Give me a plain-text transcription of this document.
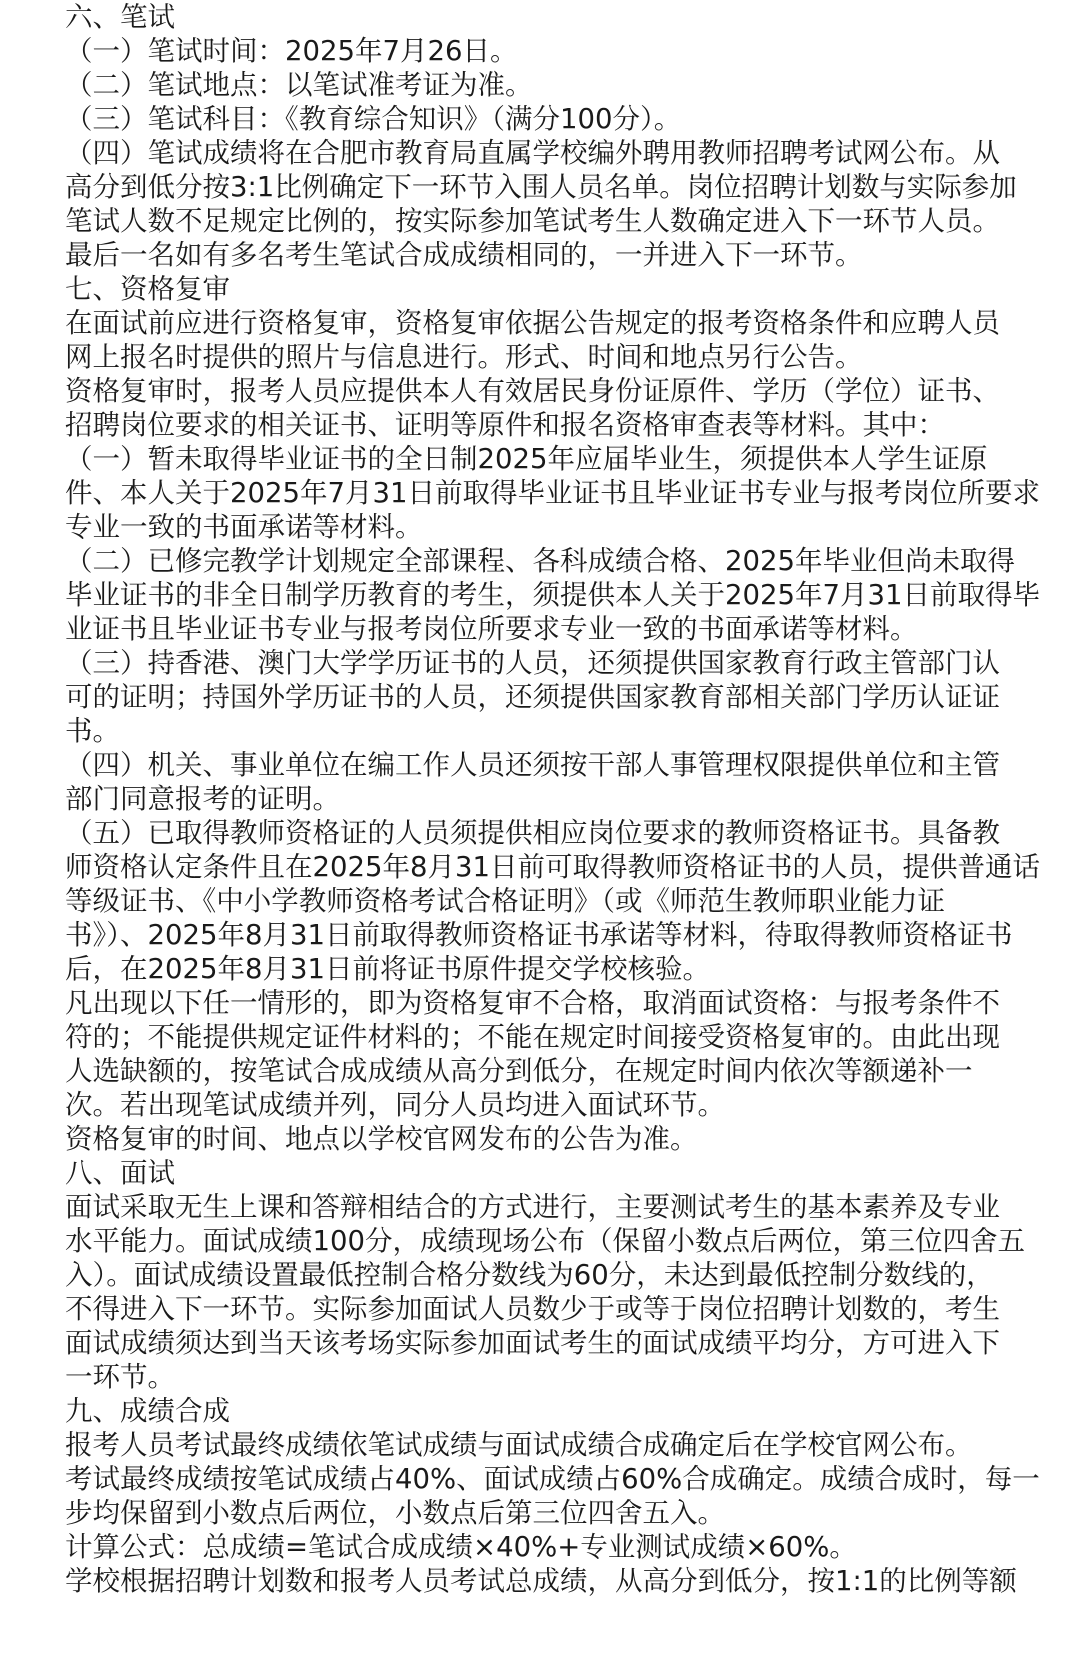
六、笔试
（一）笔试时间：2025年7月26日。
（二）笔试地点：以笔试准考证为准。
（三）笔试科目：《教育综合知识》（满分100分）。
（四）笔试成绩将在合肥市教育局直属学校编外聘用教师招聘考试网公布。从
高分到低分按3:1比例确定下一环节入围人员名单。岗位招聘计划数与实际参加
笔试人数不足规定比例的，按实际参加笔试考生人数确定进入下一环节人员。
最后一名如有多名考生笔试合成成绩相同的，一并进入下一环节。
七、资格复审
在面试前应进行资格复审，资格复审依据公告规定的报考资格条件和应聘人员
网上报名时提供的照片与信息进行。形式、时间和地点另行公告。
资格复审时，报考人员应提供本人有效居民身份证原件、学历（学位）证书、
招聘岗位要求的相关证书、证明等原件和报名资格审查表等材料。其中：
（一）暂未取得毕业证书的全日制2025年应届毕业生，须提供本人学生证原
件、本人关于2025年7月31日前取得毕业证书且毕业证书专业与报考岗位所要求
专业一致的书面承诺等材料。
（二）已修完教学计划规定全部课程、各科成绩合格、2025年毕业但尚未取得
毕业证书的非全日制学历教育的考生，须提供本人关于2025年7月31日前取得毕
业证书且毕业证书专业与报考岗位所要求专业一致的书面承诺等材料。
（三）持香港、澳门大学学历证书的人员，还须提供国家教育行政主管部门认
可的证明；持国外学历证书的人员，还须提供国家教育部相关部门学历认证证
书。
（四）机关、事业单位在编工作人员还须按干部人事管理权限提供单位和主管
部门同意报考的证明。
（五）已取得教师资格证的人员须提供相应岗位要求的教师资格证书。具备教
师资格认定条件且在2025年8月31日前可取得教师资格证书的人员，提供普通话
等级证书、《中小学教师资格考试合格证明》（或《师范生教师职业能力证
书》）、2025年8月31日前取得教师资格证书承诺等材料，待取得教师资格证书
后，在2025年8月31日前将证书原件提交学校核验。
凡出现以下任一情形的，即为资格复审不合格，取消面试资格：与报考条件不
符的；不能提供规定证件材料的；不能在规定时间接受资格复审的。由此出现
人选缺额的，按笔试合成成绩从高分到低分，在规定时间内依次等额递补一
次。若出现笔试成绩并列，同分人员均进入面试环节。
资格复审的时间、地点以学校官网发布的公告为准。
八、面试
面试采取无生上课和答辩相结合的方式进行，主要测试考生的基本素养及专业
水平能力。面试成绩100分，成绩现场公布（保留小数点后两位，第三位四舍五
入）。面试成绩设置最低控制合格分数线为60分，未达到最低控制分数线的，
不得进入下一环节。实际参加面试人员数少于或等于岗位招聘计划数的，考生
面试成绩须达到当天该考场实际参加面试考生的面试成绩平均分，方可进入下
一环节。
九、成绩合成
报考人员考试最终成绩依笔试成绩与面试成绩合成确定后在学校官网公布。
考试最终成绩按笔试成绩占40%、面试成绩占60%合成确定。成绩合成时，每一
步均保留到小数点后两位，小数点后第三位四舍五入。
计算公式：总成绩=笔试合成成绩×40%+专业测试成绩×60%。
学校根据招聘计划数和报考人员考试总成绩，从高分到低分，按1:1的比例等额
